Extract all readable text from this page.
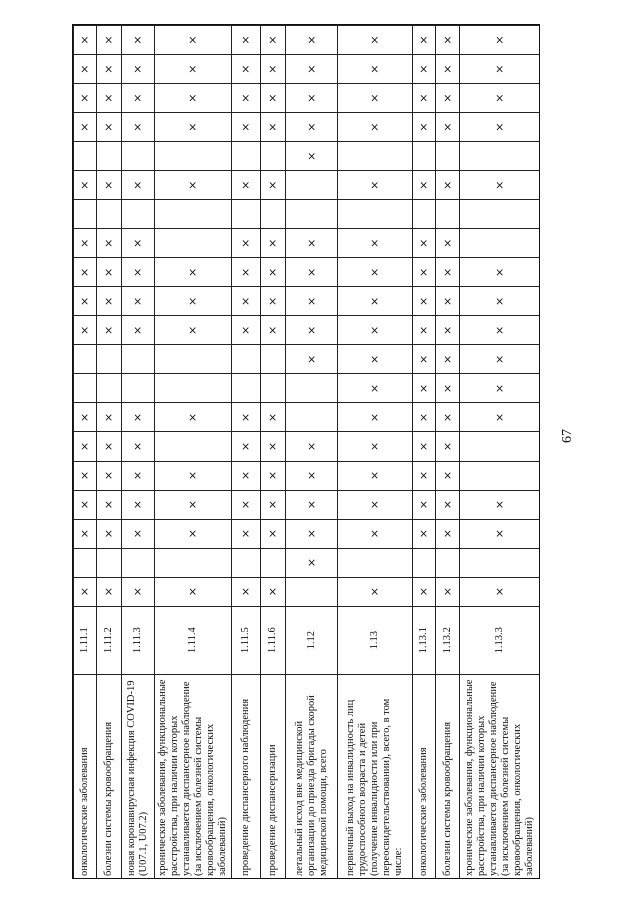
67
онкологические заболевания	1.11.1	×		×	×	×	×	×			×	×	×	×		×		×	×	×	×
болезни системы кровообращения	1.11.2	×		×	×	×	×	×			×	×	×	×		×		×	×	×	×
новая коронавирусная инфекция COVID-19 (U07.1, U07.2)	1.11.3	×		×	×	×	×	×			×	×	×	×		×		×	×	×	×
хронические заболевания, функциональные расстройства, при наличии которых устанавливается диспансерное наблюдение (за исключением болезней системы кровообращения, онкологических заболеваний)	1.11.4	×		×	×	×		×			×	×	×			×		×	×	×	×
проведение диспансерного наблюдения	1.11.5	×		×	×	×	×	×			×	×	×	×		×		×	×	×	×
проведение диспансеризации	1.11.6	×		×	×	×	×	×			×	×	×	×		×		×	×	×	×
летальный исход вне медицинской организации до приезда бригады скорой медицинской помощи, всего	1.12		×	×	×	×	×			×	×	×	×	×			×	×	×	×	×
первичный выход на инвалидность лиц трудоспособного возраста и детей (получение инвалидности или при переосвидетельствовании), всего, в том числе:	1.13	×		×	×	×	×	×	×	×	×	×	×	×		×		×	×	×	×
онкологические заболевания	1.13.1	×		×	×	×	×	×	×	×	×	×	×	×		×		×	×	×	×
болезни системы кровообращения	1.13.2	×		×	×	×	×	×	×	×	×	×	×	×		×		×	×	×	×
хронические заболевания, функциональные расстройства, при наличии которых устанавливается диспансерное наблюдение (за исключением болезней системы кровообращения, онкологических заболеваний)	1.13.3	×		×	×			×	×	×	×	×	×			×		×	×	×	×
